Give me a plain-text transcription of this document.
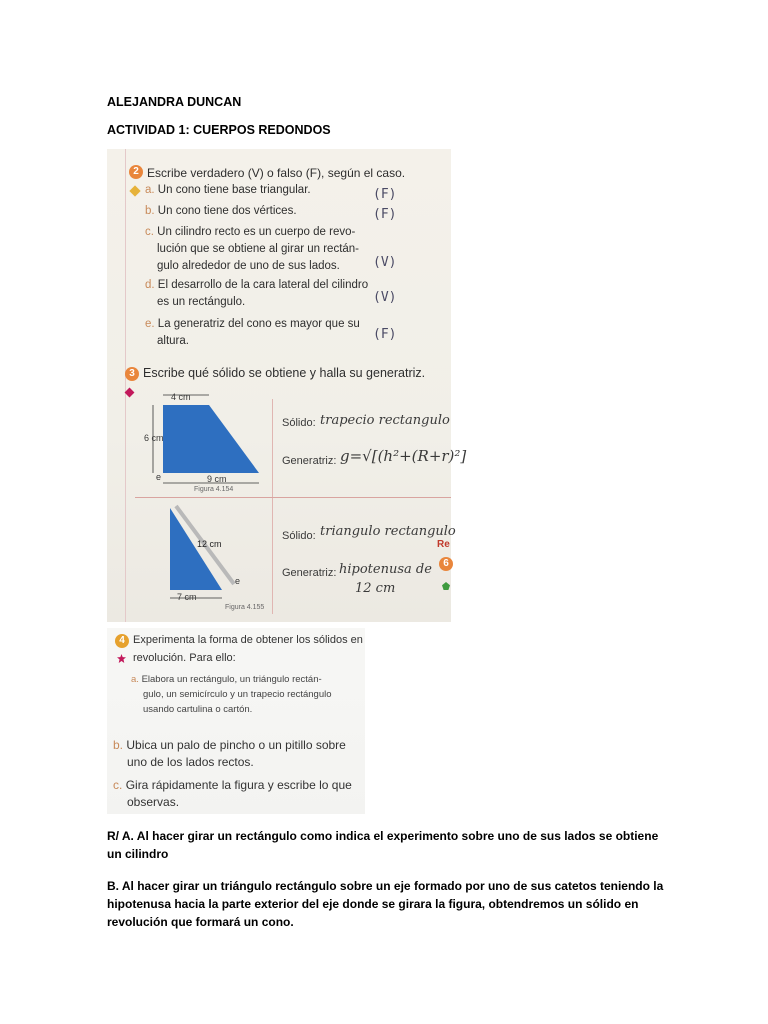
ALEJANDRA DUNCAN
ACTIVIDAD 1: CUERPOS REDONDOS
2 Escribe verdadero (V) o falso (F), según el caso.
a. Un cono tiene base triangular.	(F)
b. Un cono tiene dos vértices.	(F)
c. Un cilindro recto es un cuerpo de revo-
lución que se obtiene al girar un rectán-
gulo alrededor de uno de sus lados.	(V)
d. El desarrollo de la cara lateral del cilindro
es un rectángulo.	(V)
e. La generatriz del cono es mayor que su
altura.	(F)
3 Escribe qué sólido se obtiene y halla su generatriz.
4 cm
6 cm
9 cm
e
Figura 4.154
Sólido: trapecio rectangulo
Generatriz: g=√[(h²+(R+r)²]
12 cm
7 cm
e
Figura 4.155
Sólido: triangulo rectangulo
Generatriz: hipotenusa de
12 cm
Re
6
4 Experimenta la forma de obtener los sólidos en
revolución. Para ello:
a. Elabora un rectángulo, un triángulo rectán-
gulo, un semicírculo y un trapecio rectángulo
usando cartulina o cartón.
b. Ubica un palo de pincho o un pitillo sobre
uno de los lados rectos.
c. Gira rápidamente la figura y escribe lo que
observas.
R/ A. Al hacer girar un rectángulo como indica el experimento sobre uno de sus lados se obtiene un cilindro
B. Al hacer girar un triángulo rectángulo sobre un eje formado por uno de sus catetos teniendo la hipotenusa hacia la parte exterior del eje donde se girara la figura, obtendremos un sólido en revolución que formará un cono.
